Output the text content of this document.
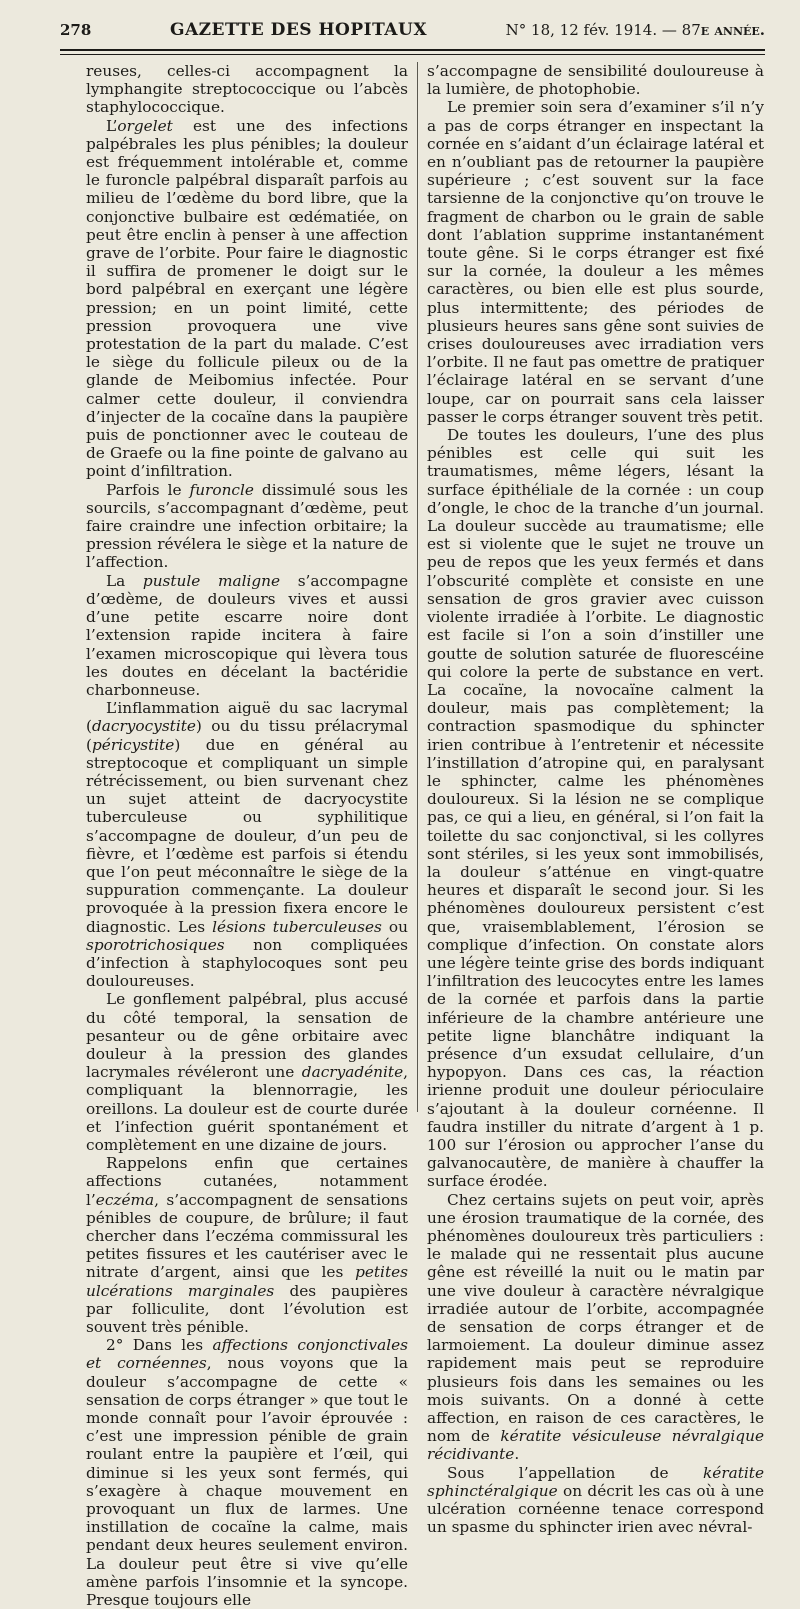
278	GAZETTE DES HOPITAUX	N° 18, 12 fév. 1914. — 87e année.

reuses, celles-ci accompagnent la lymphangite streptococcique ou l’abcès staphylococcique.

L’orgelet est une des infections palpébrales les plus pénibles; la douleur est fréquemment intolérable et, comme le furoncle palpébral disparaît parfois au milieu de l’œdème du bord libre, que la conjonctive bulbaire est œdématiée, on peut être enclin à penser à une affection grave de l’orbite. Pour faire le diagnostic il suffira de promener le doigt sur le bord palpébral en exerçant une légère pression; en un point limité, cette pression provoquera une vive protestation de la part du malade. C’est le siège du follicule pileux ou de la glande de Meibomius infectée. Pour calmer cette douleur, il conviendra d’injecter de la cocaïne dans la paupière puis de ponctionner avec le couteau de de Graefe ou la fine pointe de galvano au point d’infiltration.

Parfois le furoncle dissimulé sous les sourcils, s’accompagnant d’œdème, peut faire craindre une infection orbitaire; la pression révélera le siège et la nature de l’affection.

La pustule maligne s’accompagne d’œdème, de douleurs vives et aussi d’une petite escarre noire dont l’extension rapide incitera à faire l’examen microscopique qui lèvera tous les doutes en décelant la bactéridie charbonneuse.

L’inflammation aiguë du sac lacrymal (dacryocystite) ou du tissu prélacrymal (péricystite) due en général au streptocoque et compliquant un simple rétrécissement, ou bien survenant chez un sujet atteint de dacryocystite tuberculeuse ou syphilitique s’accompagne de douleur, d’un peu de fièvre, et l’œdème est parfois si étendu que l’on peut méconnaître le siège de la suppuration commençante. La douleur provoquée à la pression fixera encore le diagnostic. Les lésions tuberculeuses ou sporotrichosiques non compliquées d’infection à staphylocoques sont peu douloureuses.

Le gonflement palpébral, plus accusé du côté temporal, la sensation de pesanteur ou de gêne orbitaire avec douleur à la pression des glandes lacrymales révéleront une dacryadénite, compliquant la blennorragie, les oreillons. La douleur est de courte durée et l’infection guérit spontanément et complètement en une dizaine de jours.

Rappelons enfin que certaines affections cutanées, notamment l’eczéma, s’accompagnent de sensations pénibles de coupure, de brûlure; il faut chercher dans l’eczéma commissural les petites fissures et les cautériser avec le nitrate d’argent, ainsi que les petites ulcérations marginales des paupières par folliculite, dont l’évolution est souvent très pénible.

2° Dans les affections conjonctivales et cornéennes, nous voyons que la douleur s’accompagne de cette « sensation de corps étranger » que tout le monde connaît pour l’avoir éprouvée : c’est une impression pénible de grain roulant entre la paupière et l’œil, qui diminue si les yeux sont fermés, qui s’exagère à chaque mouvement en provoquant un flux de larmes. Une instillation de cocaïne la calme, mais pendant deux heures seulement environ. La douleur peut être si vive qu’elle amène parfois l’insomnie et la syncope. Presque toujours elle

s’accompagne de sensibilité douloureuse à la lumière, de photophobie.

Le premier soin sera d’examiner s’il n’y a pas de corps étranger en inspectant la cornée en s’aidant d’un éclairage latéral et en n’oubliant pas de retourner la paupière supérieure ; c’est souvent sur la face tarsienne de la conjonctive qu’on trouve le fragment de charbon ou le grain de sable dont l’ablation supprime instantanément toute gêne. Si le corps étranger est fixé sur la cornée, la douleur a les mêmes caractères, ou bien elle est plus sourde, plus intermittente; des périodes de plusieurs heures sans gêne sont suivies de crises douloureuses avec irradiation vers l’orbite. Il ne faut pas omettre de pratiquer l’éclairage latéral en se servant d’une loupe, car on pourrait sans cela laisser passer le corps étranger souvent très petit.

De toutes les douleurs, l’une des plus pénibles est celle qui suit les traumatismes, même légers, lésant la surface épithéliale de la cornée : un coup d’ongle, le choc de la tranche d’un journal. La douleur succède au traumatisme; elle est si violente que le sujet ne trouve un peu de repos que les yeux fermés et dans l’obscurité complète et consiste en une sensation de gros gravier avec cuisson violente irradiée à l’orbite. Le diagnostic est facile si l’on a soin d’instiller une goutte de solution saturée de fluorescéine qui colore la perte de substance en vert. La cocaïne, la novocaïne calment la douleur, mais pas complètement; la contraction spasmodique du sphincter irien contribue à l’entretenir et nécessite l’instillation d’atropine qui, en paralysant le sphincter, calme les phénomènes douloureux. Si la lésion ne se complique pas, ce qui a lieu, en général, si l’on fait la toilette du sac conjonctival, si les collyres sont stériles, si les yeux sont immobilisés, la douleur s’atténue en vingt-quatre heures et disparaît le second jour. Si les phénomènes douloureux persistent c’est que, vraisemblablement, l’érosion se complique d’infection. On constate alors une légère teinte grise des bords indiquant l’infiltration des leucocytes entre les lames de la cornée et parfois dans la partie inférieure de la chambre antérieure une petite ligne blanchâtre indiquant la présence d’un exsudat cellulaire, d’un hypopyon. Dans ces cas, la réaction irienne produit une douleur périoculaire s’ajoutant à la douleur cornéenne. Il faudra instiller du nitrate d’argent à 1 p. 100 sur l’érosion ou approcher l’anse du galvanocautère, de manière à chauffer la surface érodée.

Chez certains sujets on peut voir, après une érosion traumatique de la cornée, des phénomènes douloureux très particuliers : le malade qui ne ressentait plus aucune gêne est réveillé la nuit ou le matin par une vive douleur à caractère névralgique irradiée autour de l’orbite, accompagnée de sensation de corps étranger et de larmoiement. La douleur diminue assez rapidement mais peut se reproduire plusieurs fois dans les semaines ou les mois suivants. On a donné à cette affection, en raison de ces caractères, le nom de kératite vésiculeuse névralgique récidivante.

Sous l’appellation de kératite sphinctéralgique on décrit les cas où à une ulcération cornéenne tenace correspond un spasme du sphincter irien avec névral-
